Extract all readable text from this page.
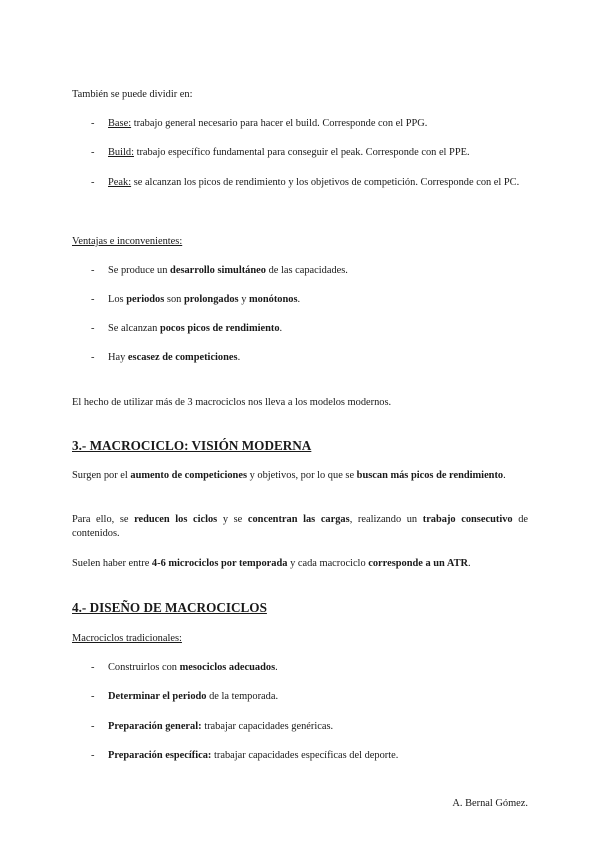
También se puede dividir en:

- Base: trabajo general necesario para hacer el build. Corresponde con el PPG.
- Build: trabajo específico fundamental para conseguir el peak. Corresponde con el PPE.
- Peak: se alcanzan los picos de rendimiento y los objetivos de competición. Corresponde con el PC.

Ventajas e inconvenientes:

- Se produce un desarrollo simultáneo de las capacidades.
- Los periodos son prolongados y monótonos.
- Se alcanzan pocos picos de rendimiento.
- Hay escasez de competiciones.

El hecho de utilizar más de 3 macrociclos nos lleva a los modelos modernos.

3.- MACROCICLO: VISIÓN MODERNA

Surgen por el aumento de competiciones y objetivos, por lo que se buscan más picos de rendimiento.

Para ello, se reducen los ciclos y se concentran las cargas, realizando un trabajo consecutivo de contenidos.

Suelen haber entre 4-6 microciclos por temporada y cada macrociclo corresponde a un ATR.

4.- DISEÑO DE MACROCICLOS

Macrociclos tradicionales:

- Construirlos con mesociclos adecuados.
- Determinar el periodo de la temporada.
- Preparación general: trabajar capacidades genéricas.
- Preparación específica: trabajar capacidades específicas del deporte.
A. Bernal Gómez.
